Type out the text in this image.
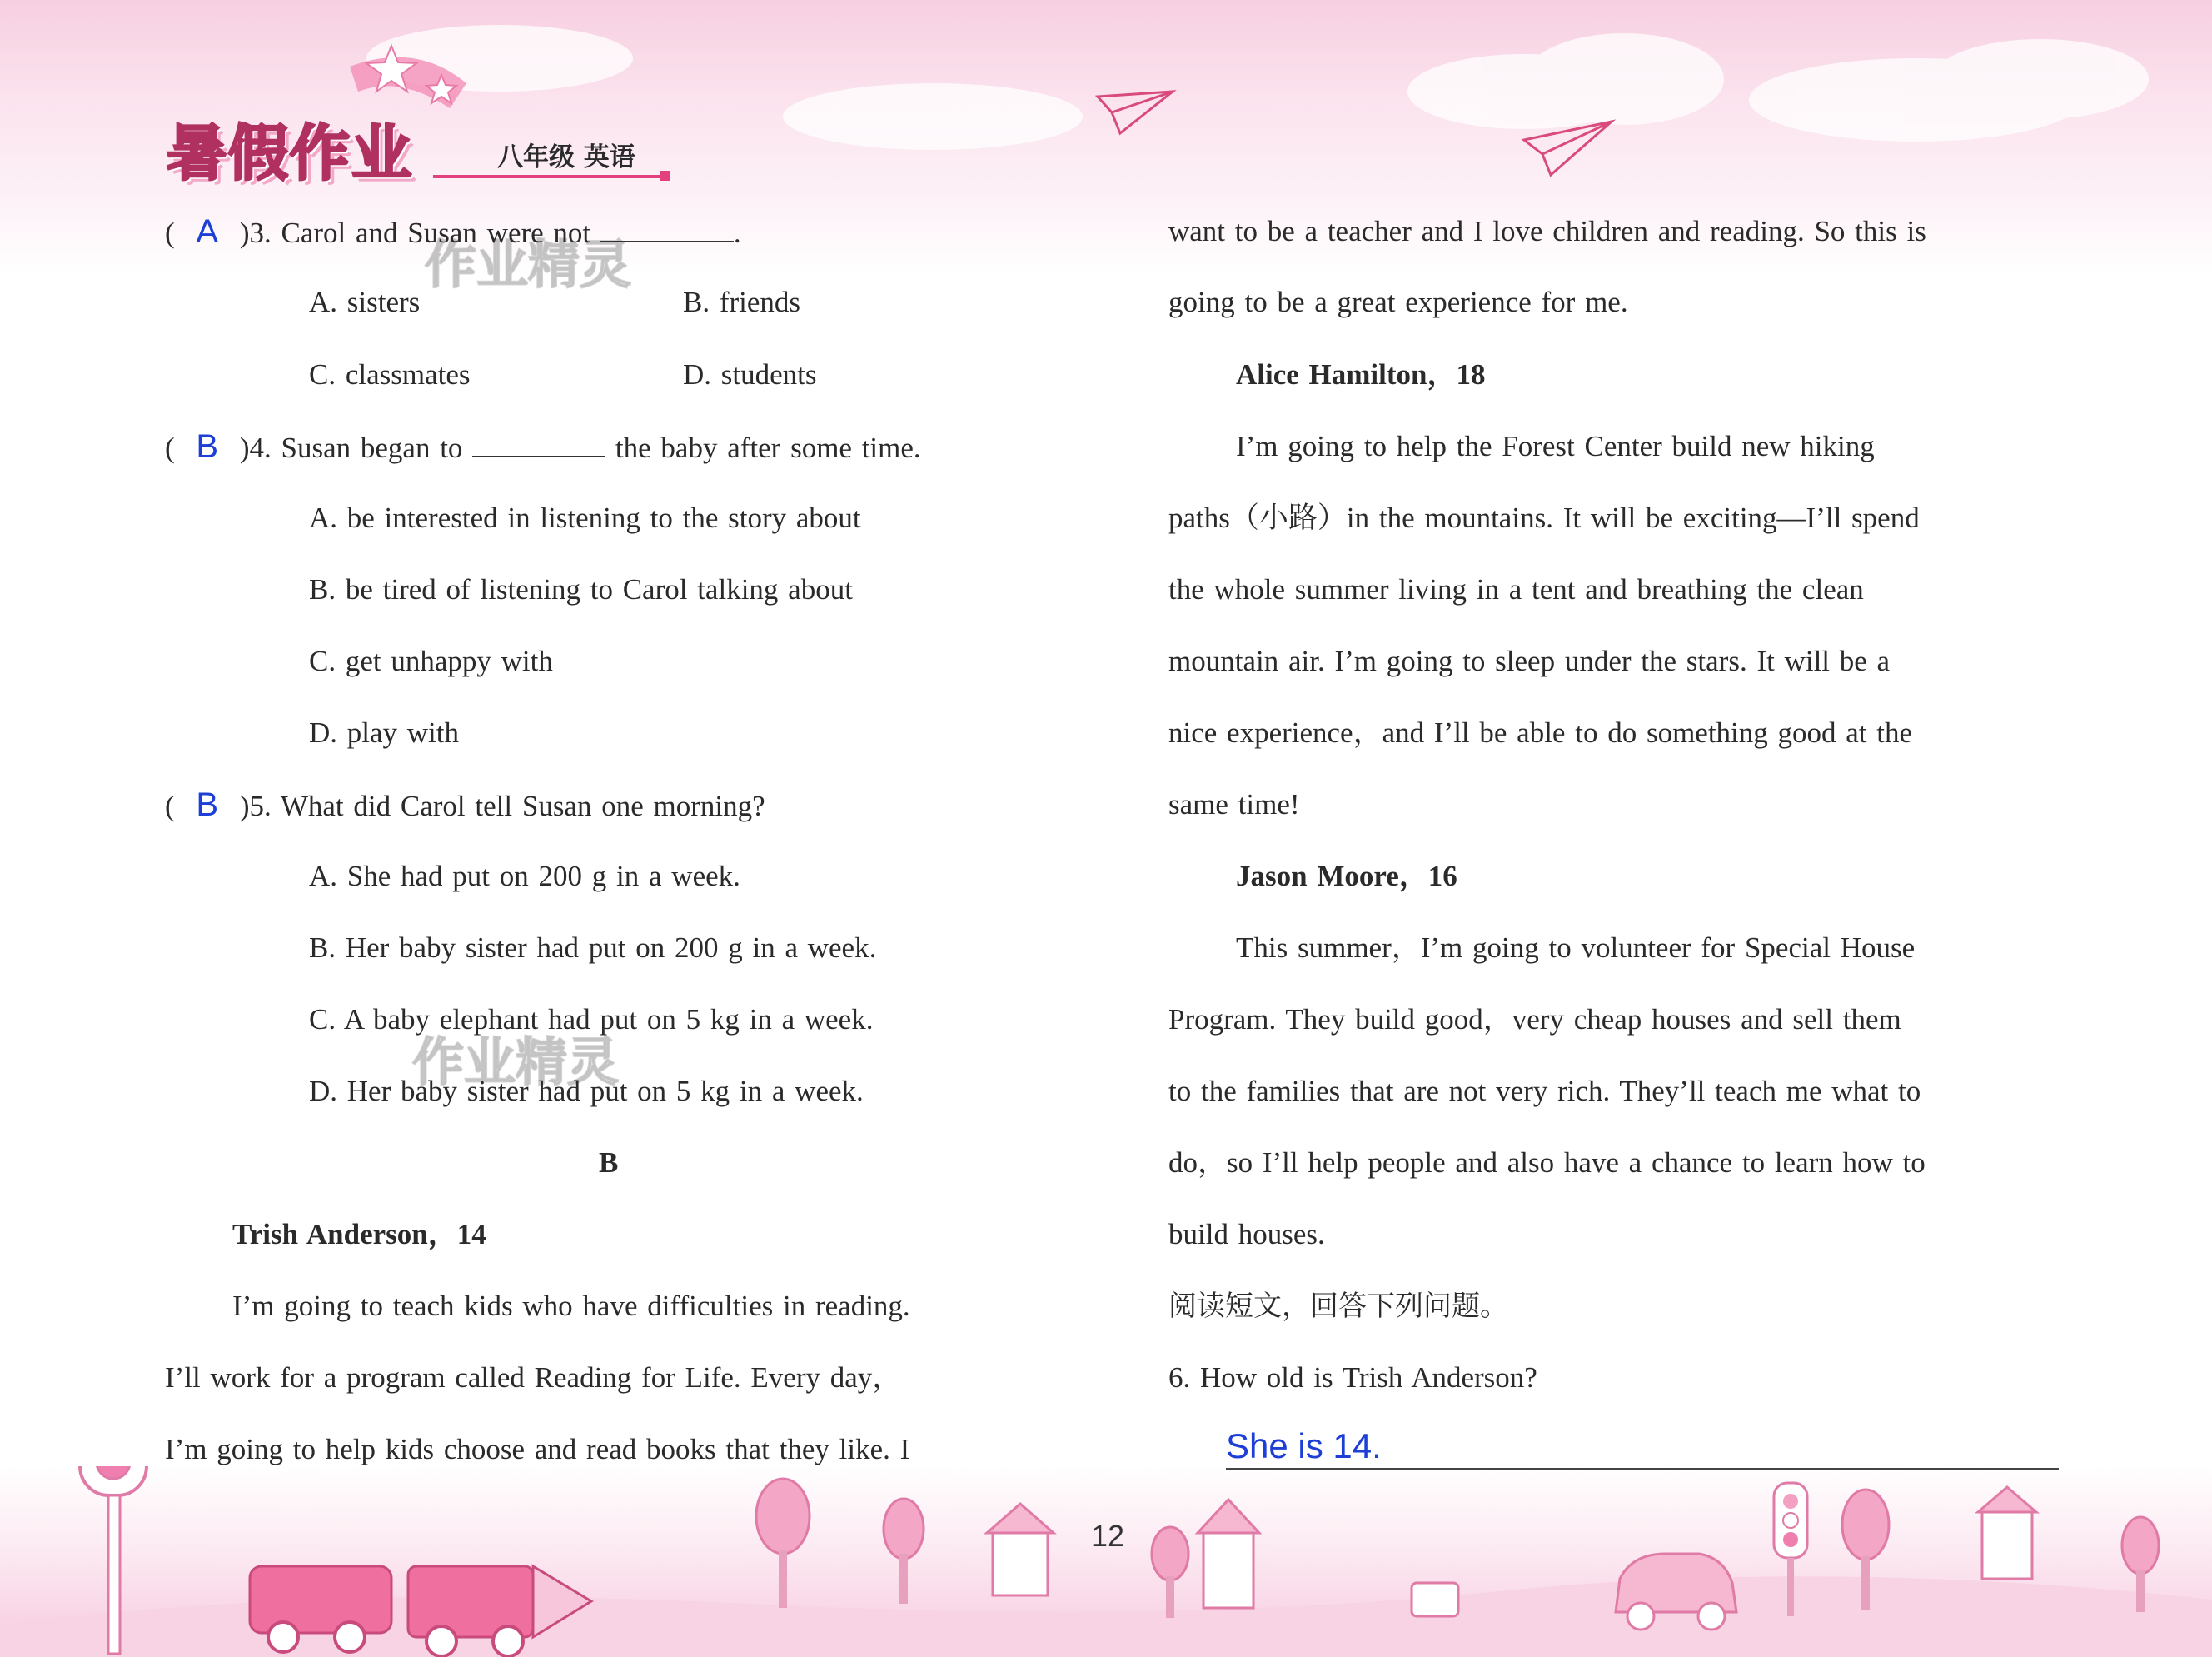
暑假作业	八年级 英语
作业精灵
作业精灵
( A )3. Carol and Susan were not	.
A. sisters	B. friends
C. classmates	D. students
( B )4. Susan began to	the baby after some time.
A. be interested in listening to the story about
B. be tired of listening to Carol talking about
C. get unhappy with
D. play with
( B )5. What did Carol tell Susan one morning?
A. She had put on 200 g in a week.
B. Her baby sister had put on 200 g in a week.
C. A baby elephant had put on 5 kg in a week.
D. Her baby sister had put on 5 kg in a week.
B
Trish Anderson，14
I’m going to teach kids who have difficulties in reading.
I’ll work for a program called Reading for Life. Every day，
I’m going to help kids choose and read books that they like. I
want to be a teacher and I love children and reading. So this is
going to be a great experience for me.
Alice Hamilton，18
I’m going to help the Forest Center build new hiking
paths（小路）in the mountains. It will be exciting—I’ll spend
the whole summer living in a tent and breathing the clean
mountain air. I’m going to sleep under the stars. It will be a
nice experience，and I’ll be able to do something good at the
same time!
Jason Moore，16
This summer，I’m going to volunteer for Special House
Program. They build good，very cheap houses and sell them
to the families that are not very rich. They’ll teach me what to
do，so I’ll help people and also have a chance to learn how to
build houses.
阅读短文，回答下列问题。
6. How old is Trish Anderson?
She is 14.
12
